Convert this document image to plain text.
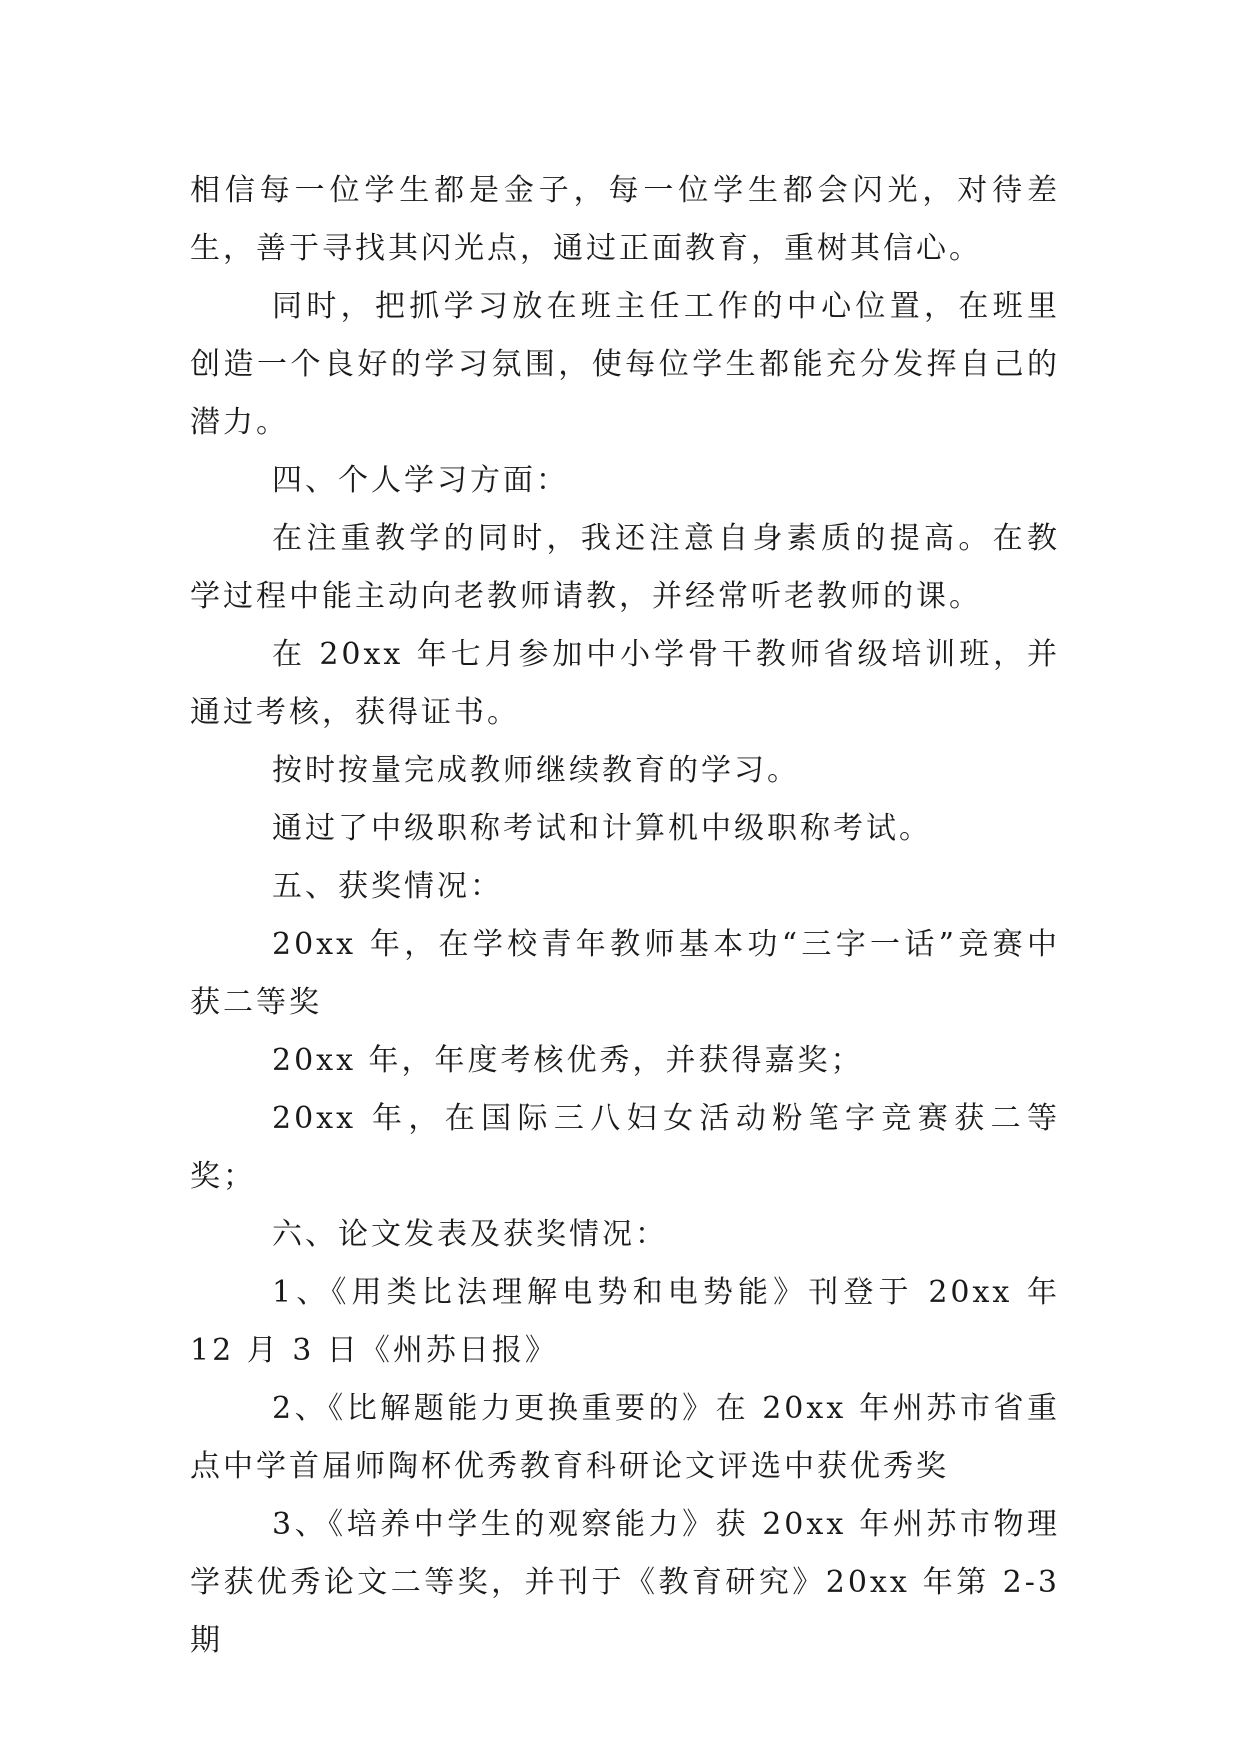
相信每一位学生都是金子，每一位学生都会闪光，对待差生，善于寻找其闪光点，通过正面教育，重树其信心。

同时，把抓学习放在班主任工作的中心位置，在班里创造一个良好的学习氛围，使每位学生都能充分发挥自己的潜力。

四、个人学习方面：

在注重教学的同时，我还注意自身素质的提高。在教学过程中能主动向老教师请教，并经常听老教师的课。

在 20xx 年七月参加中小学骨干教师省级培训班，并通过考核，获得证书。

按时按量完成教师继续教育的学习。

通过了中级职称考试和计算机中级职称考试。

五、获奖情况：

20xx 年，在学校青年教师基本功“三字一话”竞赛中获二等奖

20xx 年，年度考核优秀，并获得嘉奖；

20xx 年，在国际三八妇女活动粉笔字竞赛获二等奖；

六、论文发表及获奖情况：

1、《用类比法理解电势和电势能》刊登于 20xx 年 12 月 3 日《州苏日报》

2、《比解题能力更换重要的》在 20xx 年州苏市省重点中学首届师陶杯优秀教育科研论文评选中获优秀奖

3、《培养中学生的观察能力》获 20xx 年州苏市物理学获优秀论文二等奖，并刊于《教育研究》20xx 年第 2-3 期
